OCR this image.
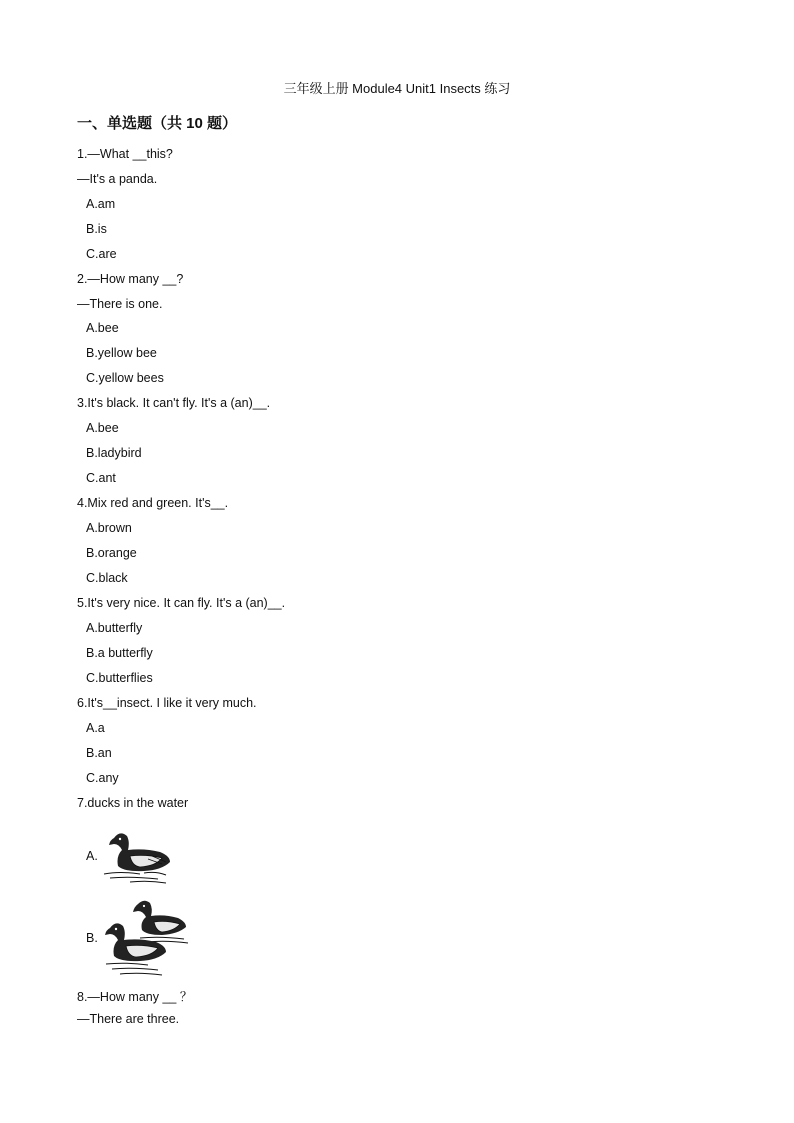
三年级上册 Module4 Unit1 Insects 练习
一、单选题（共 10 题）
1.—What __this?
—It's a panda.
A.am
B.is
C.are
2.—How many __?
—There is one.
A.bee
B.yellow bee
C.yellow bees
3.It's black. It can't fly. It's a (an)__.
A.bee
B.ladybird
C.ant
4.Mix red and green. It's__.
A.brown
B.orange
C.black
5.It's very nice. It can fly. It's a (an)__.
A.butterfly
B.a butterfly
C.butterflies
6.It's__insect. I like it very much.
A.a
B.an
C.any
7.ducks in the water
A.
B.
8.—How many __ ？
—There are three.
